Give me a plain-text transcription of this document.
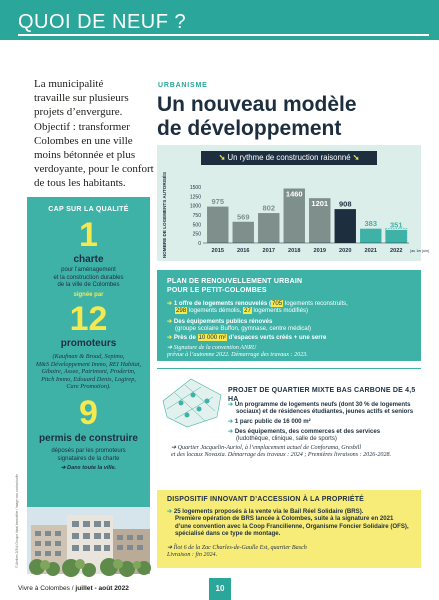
QUOI DE NEUF ?
La municipalité
travaille sur plusieurs
projets d’envergure.
Objectif : transformer
Colombes en une ville
moins bétonnée et plus
verdoyante, pour le confort
de tous les habitants.
CAP SUR LA QUALITÉ
1
charte
pour l’aménagement
et la construction durables
de la ville de Colombes
signée par
12
promoteurs
(Kaufman & Broad, Sepimo,
M&S Développement Immo, REI Habitat,
Gibaire, Assee, Patrimoni, Proderim,
Pitch Immo, Edouard Denis, Logirep,
Care Promotion).
9
permis de construire
déposés par les promoteurs
signataires de la charte
➔ Dans toute la ville.
© Ateliers 2/3/4/ Groupe Ideal Immobilier / image non contractuelle
URBANISME
Un nouveau modèle
de développement
➘ Un rythme de construction raisonné ➘
NOMBRE DE LOGEMENTS AUTORISÉS	0
250
500
750
1000
1250
1500
975
569
802
1460
1201 908
383 351
2015 2016 2017 2018 2019 2020 2021 2022 (au 1er juin)
PLAN DE RENOUVELLEMENT URBAIN
POUR LE PETIT-COLOMBES
➔ 1 offre de logements renouvelés (705 logements reconstruits,
298 logements démolis, 27 logements modifiés)
➔ Des équipements publics rénovés
(groupe scolaire Buffon, gymnase, centre médical)
➔ Près de 10 000 m² d’espaces verts créés + une serre
➔ Signature de la convention ANRU
prévue à l’automne 2022. Démarrage des travaux : 2023.
PROJET DE QUARTIER MIXTE BAS CARBONE DE 4,5 HA
➔ Un programme de logements neufs (dont 30 % de logements
sociaux) et de résidences étudiantes, jeunes actifs et seniors
➔ 1 parc public de 16 000 m²
➔ Des équipements, des commerces et des services
(ludothèque, clinique, salle de sports)
➔ Quartier Jacquelin-Auriol, à l’emplacement actuel de Conforama, Gresbill
et des locaux Novaxia. Démarrage des travaux : 2024 ; Premières livraisons : 2026-2028.
DISPOSITIF INNOVANT D’ACCESSION À LA PROPRIÉTÉ
➔ 25 logements proposés à la vente via le Bail Réel Solidaire (BRS).
Première opération de BRS lancée à Colombes, suite à la signature en 2021
d’une convention avec la Coop Francilienne, Organisme Foncier Solidaire (OFS),
spécialisé dans ce type de montage.
➔ Îlot 6 de la Zac Charles-de-Gaulle Est, quartier Basch
Livraison : fin 2024.
Vivre à Colombes / juillet - août 2022	10
